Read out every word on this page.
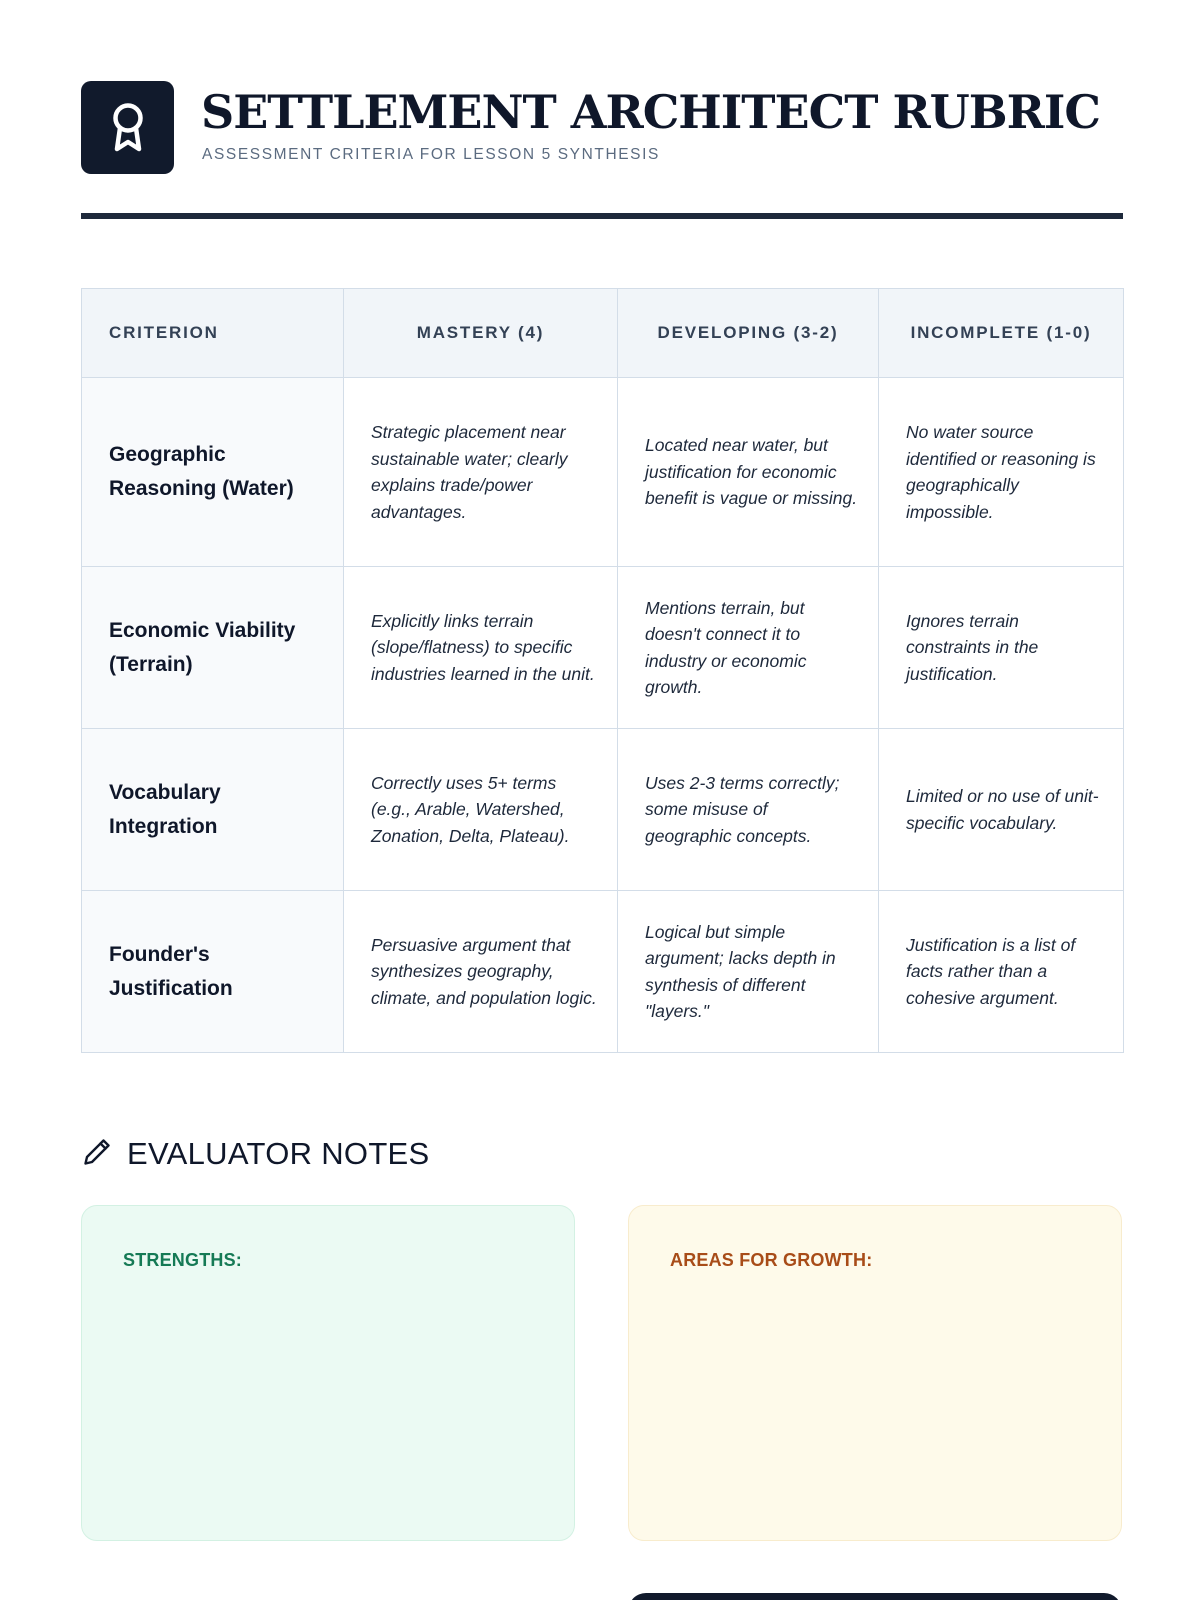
SETTLEMENT ARCHITECT RUBRIC
ASSESSMENT CRITERIA FOR LESSON 5 SYNTHESIS
CRITERION	MASTERY (4)	DEVELOPING (3-2)	INCOMPLETE (1-0)
Geographic Reasoning (Water)	Strategic placement near sustainable water; clearly explains trade/power advantages.	Located near water, but justification for economic benefit is vague or missing.	No water source identified or reasoning is geographically impossible.
Economic Viability (Terrain)	Explicitly links terrain (slope/flatness) to specific industries learned in the unit.	Mentions terrain, but doesn't connect it to industry or economic growth.	Ignores terrain constraints in the justification.
Vocabulary Integration	Correctly uses 5+ terms (e.g., Arable, Watershed, Zonation, Delta, Plateau).	Uses 2-3 terms correctly; some misuse of geographic concepts.	Limited or no use of unit-specific vocabulary.
Founder's Justification	Persuasive argument that synthesizes geography, climate, and population logic.	Logical but simple argument; lacks depth in synthesis of different "layers."	Justification is a list of facts rather than a cohesive argument.
EVALUATOR NOTES
STRENGTHS:	AREAS FOR GROWTH:
